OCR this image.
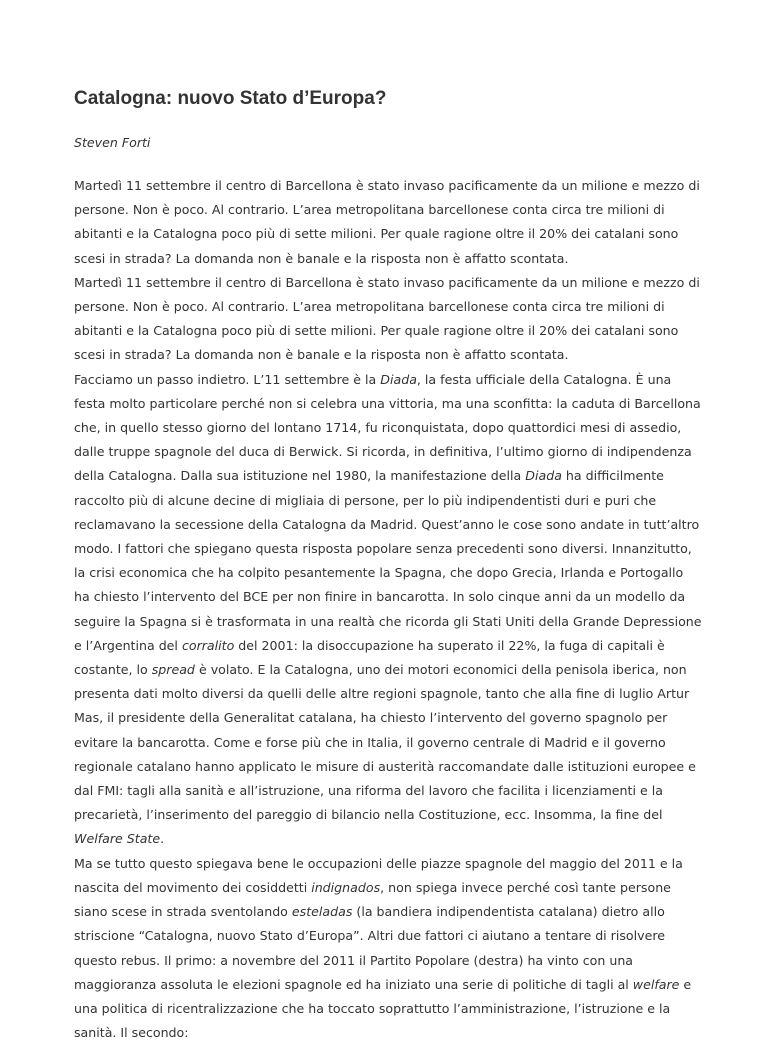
Catalogna: nuovo Stato d’Europa?

Steven Forti

Martedì 11 settembre il centro di Barcellona è stato invaso pacificamente da un milione e mezzo di persone. Non è poco. Al contrario. L’area metropolitana barcellonese conta circa tre milioni di abitanti e la Catalogna poco più di sette milioni. Per quale ragione oltre il 20% dei catalani sono scesi in strada? La domanda non è banale e la risposta non è affatto scontata.

Martedì 11 settembre il centro di Barcellona è stato invaso pacificamente da un milione e mezzo di persone. Non è poco. Al contrario. L’area metropolitana barcellonese conta circa tre milioni di abitanti e la Catalogna poco più di sette milioni. Per quale ragione oltre il 20% dei catalani sono scesi in strada? La domanda non è banale e la risposta non è affatto scontata.

Facciamo un passo indietro. L’11 settembre è la Diada, la festa ufficiale della Catalogna. È una festa molto particolare perché non si celebra una vittoria, ma una sconfitta: la caduta di Barcellona che, in quello stesso giorno del lontano 1714, fu riconquistata, dopo quattordici mesi di assedio, dalle truppe spagnole del duca di Berwick. Si ricorda, in definitiva, l’ultimo giorno di indipendenza della Catalogna. Dalla sua istituzione nel 1980, la manifestazione della Diada ha difficilmente raccolto più di alcune decine di migliaia di persone, per lo più indipendentisti duri e puri che reclamavano la secessione della Catalogna da Madrid. Quest’anno le cose sono andate in tutt’altro modo. I fattori che spiegano questa risposta popolare senza precedenti sono diversi. Innanzitutto, la crisi economica che ha colpito pesantemente la Spagna, che dopo Grecia, Irlanda e Portogallo ha chiesto l’intervento del BCE per non finire in bancarotta. In solo cinque anni da un modello da seguire la Spagna si è trasformata in una realtà che ricorda gli Stati Uniti della Grande Depressione e l’Argentina del corralito del 2001: la disoccupazione ha superato il 22%, la fuga di capitali è costante, lo spread è volato. E la Catalogna, uno dei motori economici della penisola iberica, non presenta dati molto diversi da quelli delle altre regioni spagnole, tanto che alla fine di luglio Artur Mas, il presidente della Generalitat catalana, ha chiesto l’intervento del governo spagnolo per evitare la bancarotta. Come e forse più che in Italia, il governo centrale di Madrid e il governo regionale catalano hanno applicato le misure di austerità raccomandate dalle istituzioni europee e dal FMI: tagli alla sanità e all’istruzione, una riforma del lavoro che facilita i licenziamenti e la precarietà, l’inserimento del pareggio di bilancio nella Costituzione, ecc. Insomma, la fine del Welfare State.

Ma se tutto questo spiegava bene le occupazioni delle piazze spagnole del maggio del 2011 e la nascita del movimento dei cosiddetti indignados, non spiega invece perché così tante persone siano scese in strada sventolando esteladas (la bandiera indipendentista catalana) dietro allo striscione “Catalogna, nuovo Stato d’Europa”. Altri due fattori ci aiutano a tentare di risolvere questo rebus. Il primo: a novembre del 2011 il Partito Popolare (destra) ha vinto con una maggioranza assoluta le elezioni spagnole ed ha iniziato una serie di politiche di tagli al welfare e una politica di ricentralizzazione che ha toccato soprattutto l’amministrazione, l’istruzione e la sanità. Il secondo:
